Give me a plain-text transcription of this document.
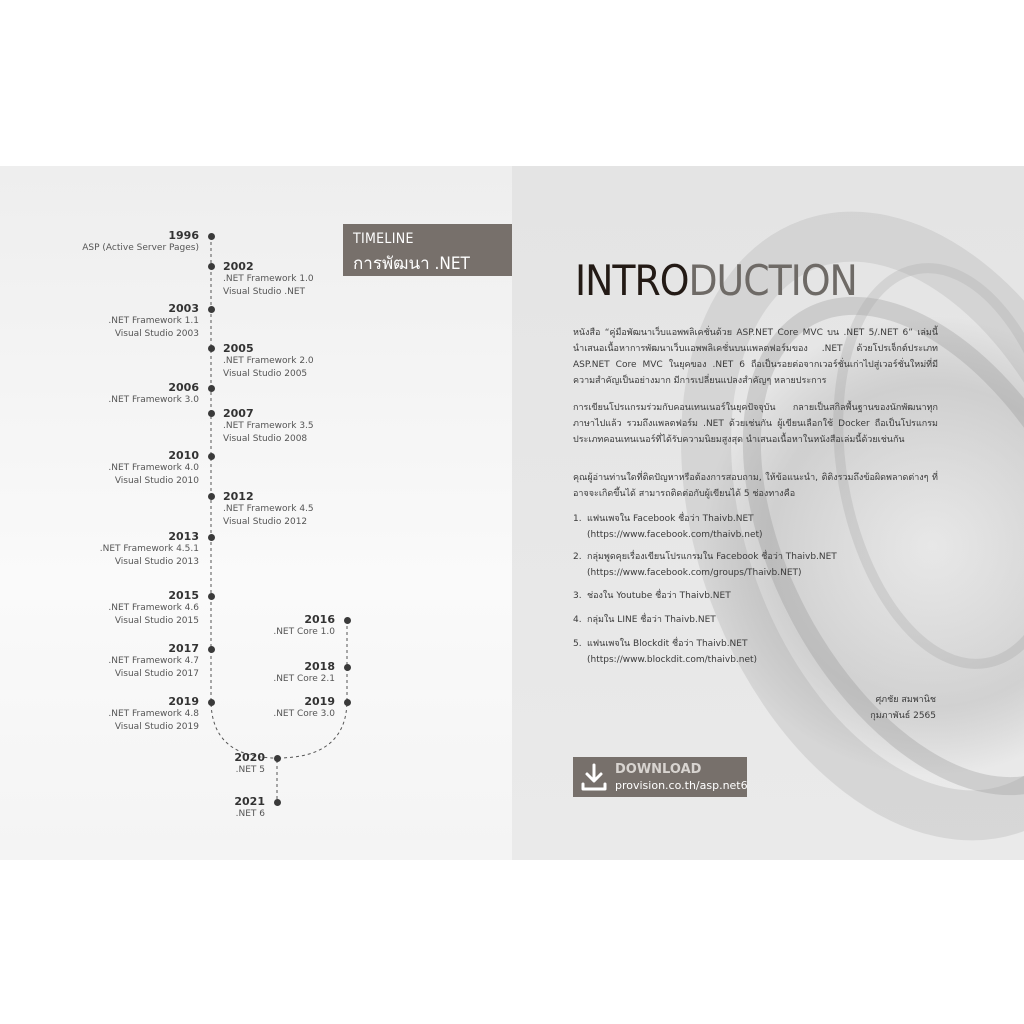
TIMELINE
การพัฒนา .NET
1996
ASP (Active Server Pages)
2002
.NET Framework 1.0
Visual Studio .NET
2003
.NET Framework 1.1
Visual Studio 2003
2005
.NET Framework 2.0
Visual Studio 2005
2006
.NET Framework 3.0
2007
.NET Framework 3.5
Visual Studio 2008
2010
.NET Framework 4.0
Visual Studio 2010
2012
.NET Framework 4.5
Visual Studio 2012
2013
.NET Framework 4.5.1
Visual Studio 2013
2015
.NET Framework 4.6
Visual Studio 2015
2017
.NET Framework 4.7
Visual Studio 2017
2019
.NET Framework 4.8
Visual Studio 2019
2016
.NET Core 1.0
2018
.NET Core 2.1
2019
.NET Core 3.0
2020
.NET 5
2021
.NET 6
INTRODUCTION
หนังสือ “คู่มือพัฒนาเว็บแอพพลิเคชั่นด้วย ASP.NET Core MVC บน .NET 5/.NET 6” เล่มนี้ นำเสนอเนื้อหาการพัฒนาเว็บแอพพลิเคชั่นบนแพลตฟอร์มของ .NET ด้วยโปรเจ็กต์ประเภท ASP.NET Core MVC ในยุคของ .NET 6 ถือเป็นรอยต่อจากเวอร์ชั่นเก่าไปสู่เวอร์ชั่นใหม่ที่มีความสำคัญเป็นอย่างมาก มีการเปลี่ยนแปลงสำคัญๆ หลายประการ
การเขียนโปรแกรมร่วมกับคอนเทนเนอร์ในยุคปัจจุบัน กลายเป็นสกิลพื้นฐานของนักพัฒนาทุกภาษาไปแล้ว รวมถึงแพลตฟอร์ม .NET ด้วยเช่นกัน ผู้เขียนเลือกใช้ Docker ถือเป็นโปรแกรมประเภทคอนเทนเนอร์ที่ได้รับความนิยมสูงสุด นำเสนอเนื้อหาในหนังสือเล่มนี้ด้วยเช่นกัน
คุณผู้อ่านท่านใดที่ติดปัญหาหรือต้องการสอบถาม, ให้ข้อแนะนำ, ติติงรวมถึงข้อผิดพลาดต่างๆ ที่อาจจะเกิดขึ้นได้ สามารถติดต่อกับผู้เขียนได้ 5 ช่องทางคือ
1. แฟนเพจใน Facebook ชื่อว่า Thaivb.NET
(https://www.facebook.com/thaivb.net)
2. กลุ่มพูดคุยเรื่องเขียนโปรแกรมใน Facebook ชื่อว่า Thaivb.NET
(https://www.facebook.com/groups/Thaivb.NET)
3. ช่องใน Youtube ชื่อว่า Thaivb.NET
4. กลุ่มใน LINE ชื่อว่า Thaivb.NET
5. แฟนเพจใน Blockdit ชื่อว่า Thaivb.NET
(https://www.blockdit.com/thaivb.net)
ศุภชัย สมพานิช
กุมภาพันธ์ 2565
DOWNLOAD
provision.co.th/asp.net6
